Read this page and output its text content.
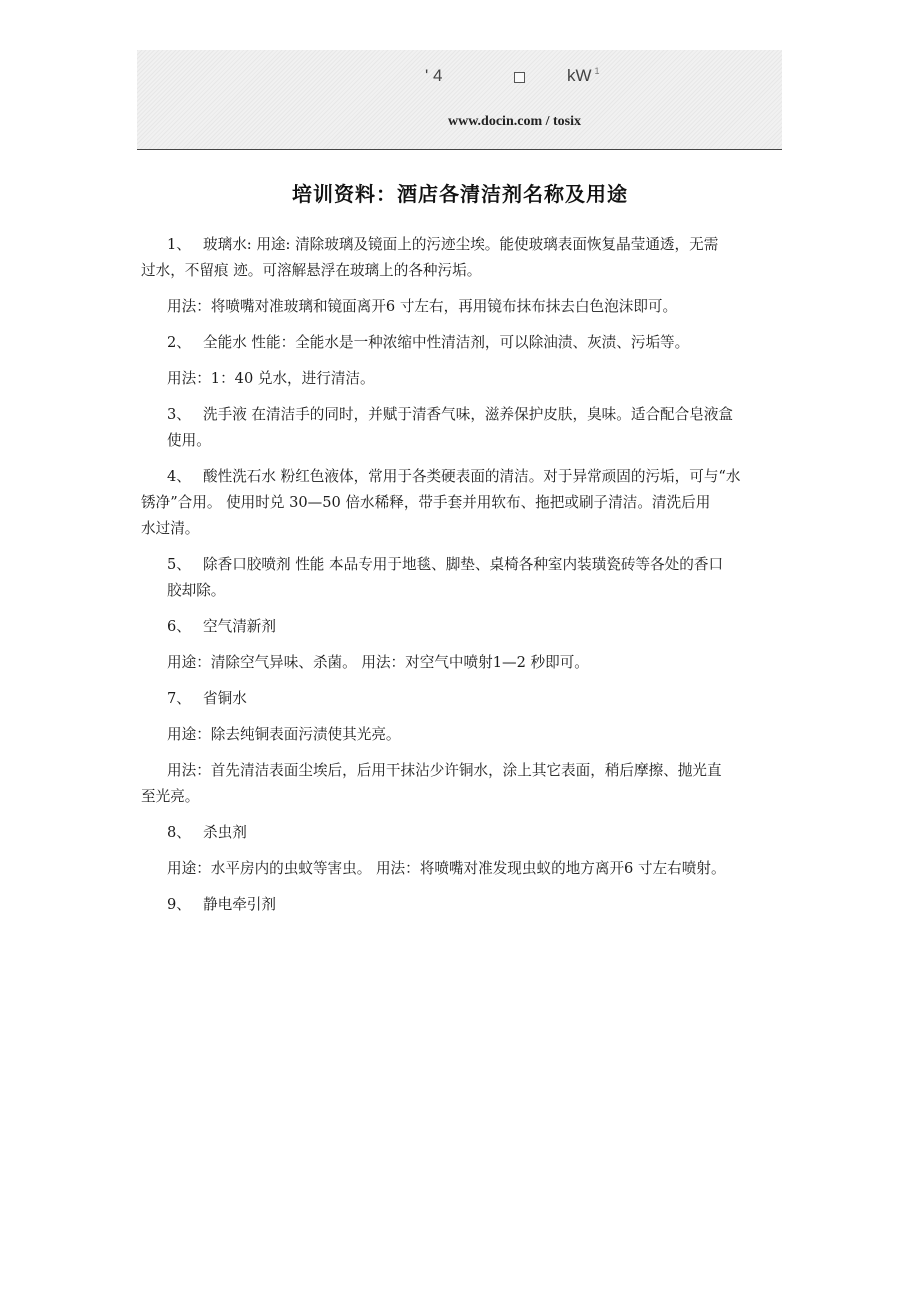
' 4	kW $^1$
www.docin.com / tosix
培训资料：酒店各清洁剂名称及用途

1、 玻璃水: 用途: 清除玻璃及镜面上的污迹尘埃。能使玻璃表面恢复晶莹通透，无需
过水，不留痕 迹。可溶解悬浮在玻璃上的各种污垢。

用法：将喷嘴对准玻璃和镜面离开6 寸左右，再用镜布抹布抹去白色泡沫即可。

2、 全能水 性能：全能水是一种浓缩中性清洁剂，可以除油渍、灰渍、污垢等。

用法：1：40 兑水，进行清洁。

3、 洗手液 在清洁手的同时，并赋于清香气味，滋养保护皮肤，臭味。适合配合皂液盒
使用。

4、 酸性洗石水 粉红色液体，常用于各类硬表面的清洁。对于异常顽固的污垢，可与“水
锈净”合用。 使用时兑 30—50 倍水稀释，带手套并用软布、拖把或刷子清洁。清洗后用
水过清。

5、 除香口胶喷剂 性能 本品专用于地毯、脚垫、桌椅各种室内装璜瓷砖等各处的香口
胶却除。

6、 空气清新剂

用途：清除空气异味、杀菌。 用法：对空气中喷射1—2 秒即可。

7、 省铜水

用途：除去纯铜表面污渍使其光亮。

用法：首先清洁表面尘埃后，后用干抹沾少许铜水，涂上其它表面，稍后摩擦、抛光直
至光亮。

8、 杀虫剂

用途：水平房内的虫蚊等害虫。 用法：将喷嘴对准发现虫蚁的地方离开6 寸左右喷射。

9、 静电牵引剂
